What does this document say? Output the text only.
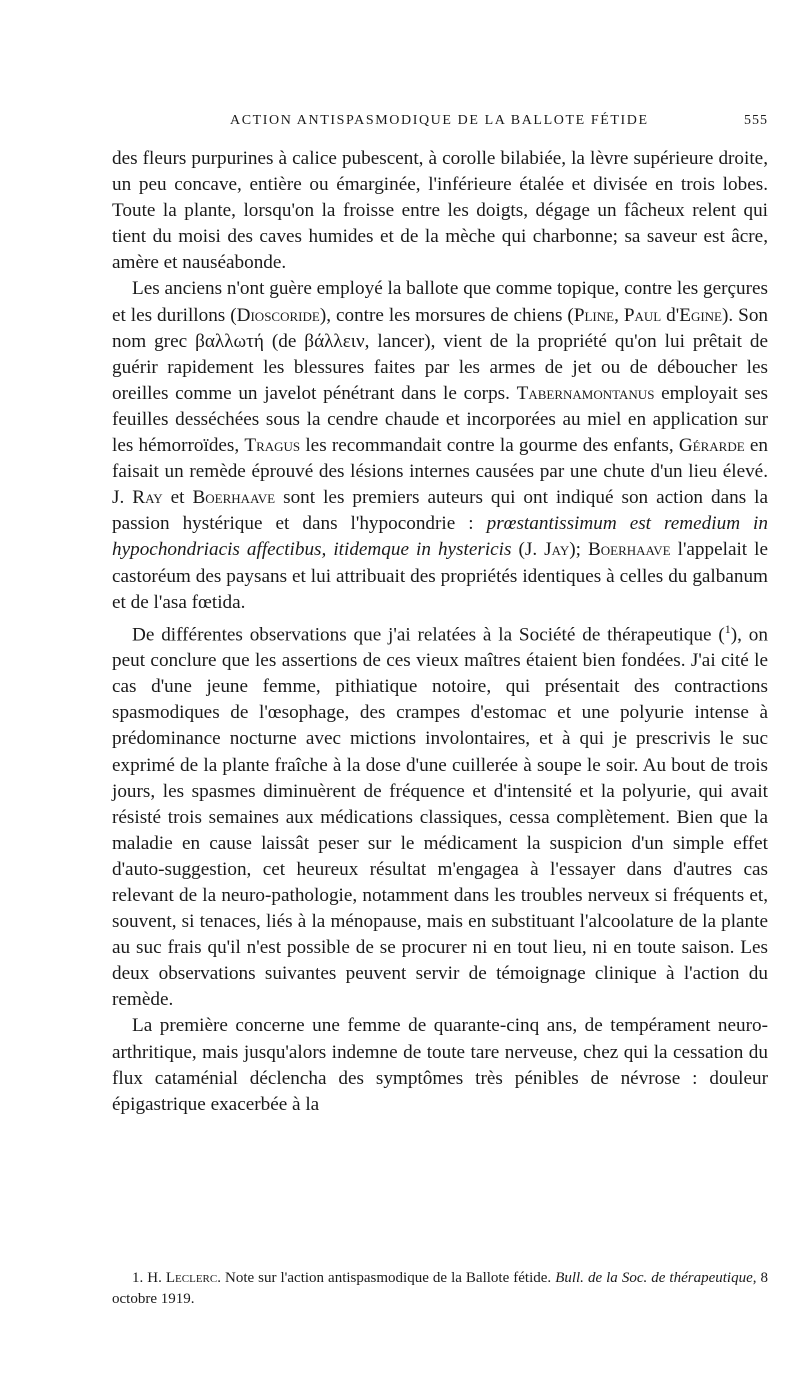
ACTION ANTISPASMODIQUE DE LA BALLOTE FÉTIDE	555

des fleurs purpurines à calice pubescent, à corolle bilabiée, la lèvre supérieure droite, un peu concave, entière ou émarginée, l'inférieure étalée et divisée en trois lobes. Toute la plante, lorsqu'on la froisse entre les doigts, dégage un fâcheux relent qui tient du moisi des caves humides et de la mèche qui charbonne; sa saveur est âcre, amère et nauséabonde.

Les anciens n'ont guère employé la ballote que comme topique, contre les gerçures et les durillons (Dioscoride), contre les morsures de chiens (Pline, Paul d'Egine). Son nom grec βαλλωτή (de βάλλειν, lancer), vient de la propriété qu'on lui prêtait de guérir rapidement les blessures faites par les armes de jet ou de déboucher les oreilles comme un javelot pénétrant dans le corps. Tabernamontanus employait ses feuilles desséchées sous la cendre chaude et incorporées au miel en application sur les hémorroïdes, Tragus les recommandait contre la gourme des enfants, Gérarde en faisait un remède éprouvé des lésions internes causées par une chute d'un lieu élevé. J. Ray et Boerhaave sont les premiers auteurs qui ont indiqué son action dans la passion hystérique et dans l'hypocondrie : prœstantissimum est remedium in hypochondriacis affectibus, itidemque in hystericis (J. Jay); Boerhaave l'appelait le castoréum des paysans et lui attribuait des propriétés identiques à celles du galbanum et de l'asa fœtida.

De différentes observations que j'ai relatées à la Société de thérapeutique ($^1$), on peut conclure que les assertions de ces vieux maîtres étaient bien fondées. J'ai cité le cas d'une jeune femme, pithiatique notoire, qui présentait des contractions spasmodiques de l'œsophage, des crampes d'estomac et une polyurie intense à prédominance nocturne avec mictions involontaires, et à qui je prescrivis le suc exprimé de la plante fraîche à la dose d'une cuillerée à soupe le soir. Au bout de trois jours, les spasmes diminuèrent de fréquence et d'intensité et la polyurie, qui avait résisté trois semaines aux médications classiques, cessa complètement. Bien que la maladie en cause laissât peser sur le médicament la suspicion d'un simple effet d'auto-suggestion, cet heureux résultat m'engagea à l'essayer dans d'autres cas relevant de la neuro-pathologie, notamment dans les troubles nerveux si fréquents et, souvent, si tenaces, liés à la ménopause, mais en substituant l'alcoolature de la plante au suc frais qu'il n'est possible de se procurer ni en tout lieu, ni en toute saison. Les deux observations suivantes peuvent servir de témoignage clinique à l'action du remède.

La première concerne une femme de quarante-cinq ans, de tempérament neuro-arthritique, mais jusqu'alors indemne de toute tare nerveuse, chez qui la cessation du flux cataménial déclencha des symptômes très pénibles de névrose : douleur épigastrique exacerbée à la

1. H. Leclerc. Note sur l'action antispasmodique de la Ballote fétide. Bull. de la Soc. de thérapeutique, 8 octobre 1919.
